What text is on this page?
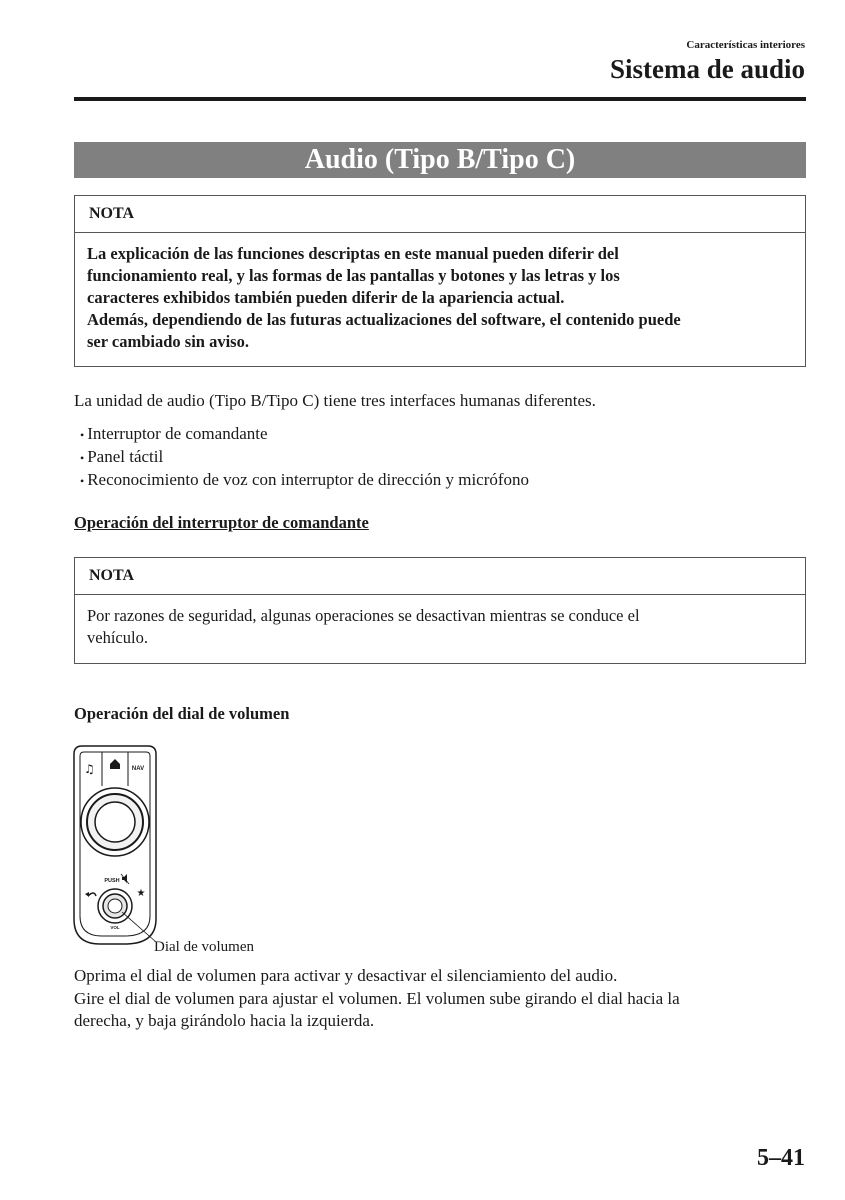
Características interiores
Sistema de audio
Audio (Tipo B/Tipo C)
NOTA

La explicación de las funciones descriptas en este manual pueden diferir del

funcionamiento real, y las formas de las pantallas y botones y las letras y los

caracteres exhibidos también pueden diferir de la apariencia actual.

Además, dependiendo de las futuras actualizaciones del software, el contenido puede

ser cambiado sin aviso.

La unidad de audio (Tipo B/Tipo C) tiene tres interfaces humanas diferentes.
• Interruptor de comandante
• Panel táctil
• Reconocimiento de voz con interruptor de dirección y micrófono
Operación del interruptor de comandante
NOTA

Por razones de seguridad, algunas operaciones se desactivan mientras se conduce el

vehículo.

Operación del dial de volumen
♫	NAV
★
PUSH
VOL
Dial de volumen

Oprima el dial de volumen para activar y desactivar el silenciamiento del audio.

Gire el dial de volumen para ajustar el volumen. El volumen sube girando el dial hacia la

derecha, y baja girándolo hacia la izquierda.

5–41
